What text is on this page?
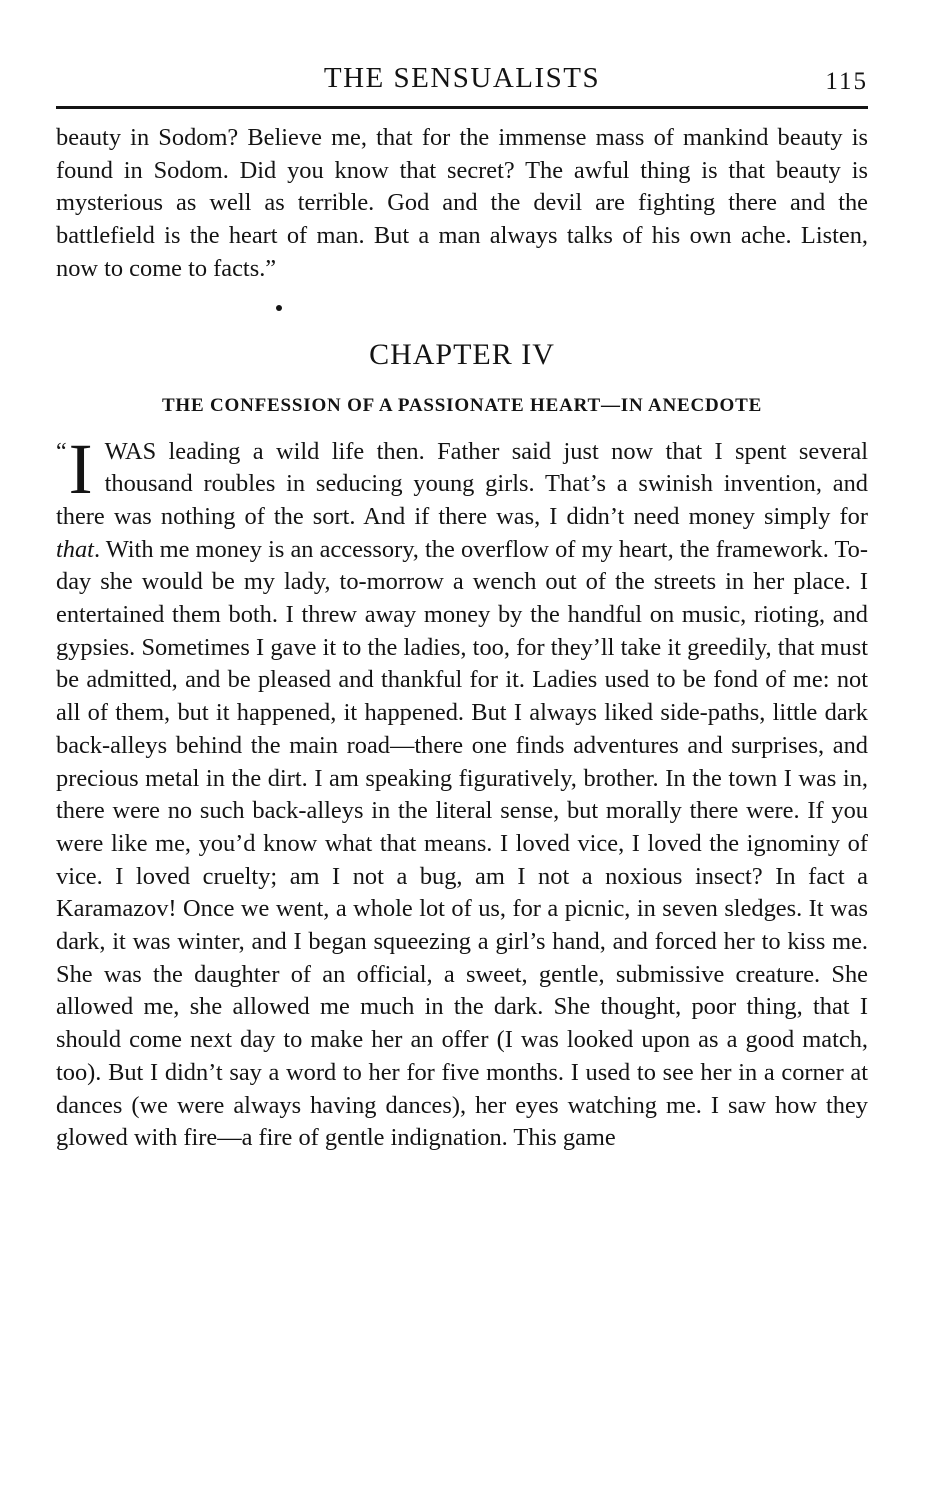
THE SENSUALISTS	115

beauty in Sodom? Believe me, that for the immense mass of mankind beauty is found in Sodom. Did you know that secret? The awful thing is that beauty is mysterious as well as terrible. God and the devil are fighting there and the battlefield is the heart of man. But a man always talks of his own ache. Listen, now to come to facts.”

CHAPTER IV
THE CONFESSION OF A PASSIONATE HEART—IN ANECDOTE

“ I WAS leading a wild life then. Father said just now that I spent several thousand roubles in seducing young girls. That’s a swinish invention, and there was nothing of the sort. And if there was, I didn’t need money simply for that. With me money is an accessory, the overflow of my heart, the framework. To-day she would be my lady, to-morrow a wench out of the streets in her place. I entertained them both. I threw away money by the handful on music, rioting, and gypsies. Sometimes I gave it to the ladies, too, for they’ll take it greedily, that must be admitted, and be pleased and thankful for it. Ladies used to be fond of me: not all of them, but it happened, it happened. But I always liked side-paths, little dark back-alleys behind the main road—there one finds adventures and surprises, and precious metal in the dirt. I am speaking figuratively, brother. In the town I was in, there were no such back-alleys in the literal sense, but morally there were. If you were like me, you’d know what that means. I loved vice, I loved the ignominy of vice. I loved cruelty; am I not a bug, am I not a noxious insect? In fact a Karamazov! Once we went, a whole lot of us, for a picnic, in seven sledges. It was dark, it was winter, and I began squeezing a girl’s hand, and forced her to kiss me. She was the daughter of an official, a sweet, gentle, submissive creature. She allowed me, she allowed me much in the dark. She thought, poor thing, that I should come next day to make her an offer (I was looked upon as a good match, too). But I didn’t say a word to her for five months. I used to see her in a corner at dances (we were always having dances), her eyes watching me. I saw how they glowed with fire—a fire of gentle indignation. This game
